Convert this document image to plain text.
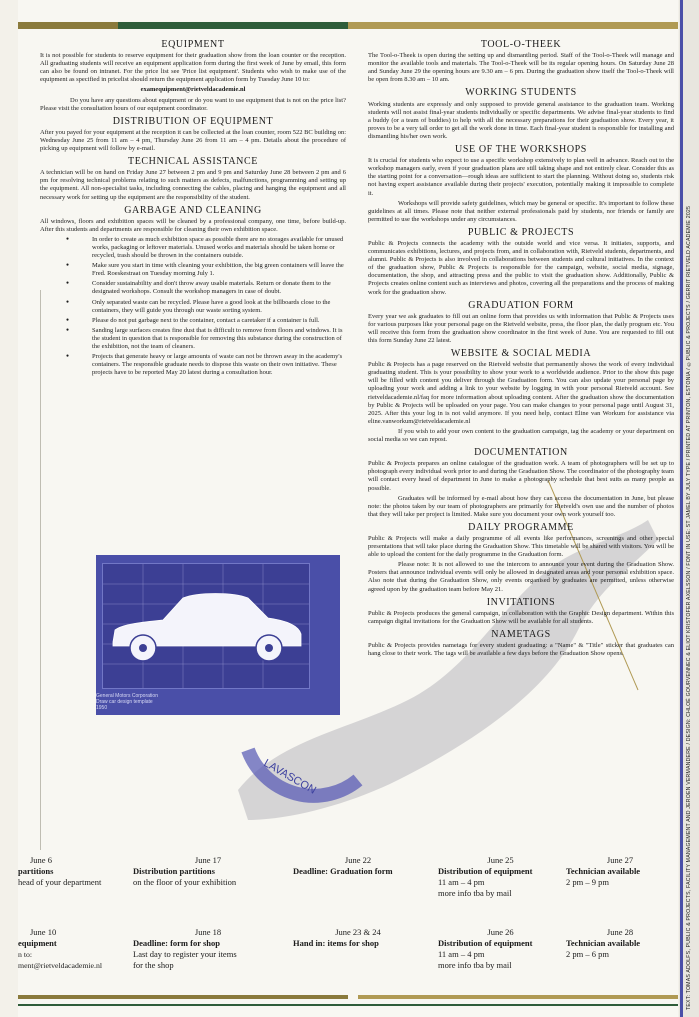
TEXT: TOMAS ADOLFS, PUBLIC & PROJECTS, FACILITY MANAGEMENT AND JEROEN VERMANDERE / DESIGN: CHLOÉ GOURVENNEC & ELIOT KRISTOFER AXELSSON / FONT IN USE: ST JAMEL BY JULY TYPE / PRINTED AT PRINTON, ESTONIA / ©PUBLIC & PROJECTS / GERRIT RIETVELD ACADEMIE 2025
LAVASCON
EQUIPMENT

It is not possible for students to reserve equipment for their graduation show from the loan counter or the reception. All graduating students will receive an equipment application form during the first week of June by email, this form can also be found on intranet. For the price list see 'Price list equipment'. Students who wish to make use of the equipment as specified in pricelist should return the equipment application form by Tuesday June 10 to:

examequipment@rietveldacademie.nl

Do you have any questions about equipment or do you want to use equipment that is not on the price list? Please visit the consultation hours of our equipment coordinator.

DISTRIBUTION OF EQUIPMENT

After you payed for your equipment at the reception it can be collected at the loan counter, room 522 BC building on: Wednesday June 25 from 11 am – 4 pm, Thursday June 26 from 11 am – 4 pm. Details about the procedure of picking up equipment will follow by e-mail.

TECHNICAL ASSISTANCE

A technician will be on hand on Friday June 27 between 2 pm and 9 pm and Saturday June 28 between 2 pm and 6 pm for resolving technical problems relating to such matters as defects, malfunctions, programming and setting up the equipment. All non-specialist tasks, including connecting the cables, placing and hanging the equipment and all necessary work for setting up the equipment are the responsibility of the student.

GARBAGE AND CLEANING

All windows, floors and exhibition spaces will be cleaned by a professional company, one time, before build-up. After this students and departments are responsible for cleaning their own exhibition space.

● In order to create as much exhibition space as possible there are no storages available for unused works, packaging or leftover materials. Unused works and materials should be taken home or recycled, trash should be thrown in the containers outside.
● Make sure you start in time with cleaning your exhibition, the big green containers will leave the Fred. Roeskestraat on Tuesday morning July 1.
● Consider sustainability and don't throw away usable materials. Return or donate them to the designated workshops. Consult the workshop managers in case of doubt.
● Only separated waste can be recycled. Please have a good look at the billboards close to the containers, they will guide you through our waste sorting system.
● Please do not put garbage next to the container, contact a caretaker if a container is full.
● Sanding large surfaces creates fine dust that is difficult to remove from floors and windows. It is the student in question that is responsible for removing this substance during the construction of the exhibition, not the team of cleaners.
● Projects that generate heavy or large amounts of waste can not be thrown away in the academy's containers. The responsible graduate needs to dispose this waste on their own initiative. These projects have to be reported May 20 latest during a consultation hour.
General Motors Corporation
Draw car design template
1950
TOOL-O-THEEK

The Tool-o-Theek is open during the setting up and dismantling period. Staff of the Tool-o-Theek will manage and monitor the available tools and materials. The Tool-o-Theek will be its regular opening hours. On Saturday June 28 and Sunday June 29 the opening hours are 9.30 am – 6 pm. During the graduation show itself the Tool-o-Theek will be open from 8.30 am – 10 am.

WORKING STUDENTS

Working students are expressly and only supposed to provide general assistance to the graduation team. Working students will not assist final-year students individually or specific departments. We advise final-year students to find a buddy (or a team of buddies) to help with all the necessary preparations for their graduation show. Every year, it proves to be a very tall order to get all the work done in time. Each final-year student is responsible for installing and dismantling his/her own work.

USE OF THE WORKSHOPS

It is crucial for students who expect to use a specific workshop extensively to plan well in advance. Reach out to the workshop managers early, even if your graduation plans are still taking shape and not entirely clear. Consider this as the starting point for a conversation—rough ideas are sufficient to start the planning. Without doing so, students risk not having expert assistance available during their projects' execution, potentially making it impossible to complete it.

Workshops will provide safety guidelines, which may be general or specific. It's important to follow these guidelines at all times. Please note that neither external professionals paid by students, nor friends or family are permitted to use the workshops under any circumstances.

PUBLIC & PROJECTS

Public & Projects connects the academy with the outside world and vice versa. It initiates, supports, and communicates exhibitions, lectures, and projects from, and in collaboration with, Rietveld students, departments, and alumni. Public & Projects is also involved in collaborations between students and cultural initiatives. In the context of the graduation show, Public & Projects is responsible for the campaign, website, social media, signage, documentation, the shop, and attracting press and the public to visit the graduation show. Additionally, Public & Projects creates online content such as interviews and photos, covering all the preparations and the process of making work for the graduation show.

GRADUATION FORM

Every year we ask graduates to fill out an online form that provides us with information that Public & Projects uses for various purposes like your personal page on the Rietveld website, press, the floor plan, the daily program etc. You will receive this form from the graduation show coordinator in the first week of June. You are requested to fill out this form Sunday June 22 latest.

WEBSITE & SOCIAL MEDIA

Public & Projects has a page reserved on the Rietveld website that permanently shows the work of every individual graduating student. This is your possibility to show your work to a worldwide audience. Prior to the show this page will be filled with content you deliver through the Graduation form. You can also update your personal page by uploading your work and adding a link to your website by logging in with your personal Rietveld account. See rietveldacademie.nl/faq for more information about uploading content. After the graduation show the documentation by Public & Projects will be uploaded on your page. You can make changes to your personal page until August 31, 2025. After this your log in is not valid anymore. If you need help, contact Eline van Workum for assistance via eline.vanworkum@rietveldacademie.nl

If you wish to add your own content to the graduation campaign, tag the academy or your department on social media so we can repost.

DOCUMENTATION

Public & Projects prepares an online catalogue of the graduation work. A team of photographers will be set up to photograph every individual work prior to and during the Graduation Show. The coordinator of the photography team will contact every head of department in June to make a photography schedule that best suits as many people as possible.

Graduates will be informed by e-mail about how they can access the documentation in June, but please note: the photos taken by our team of photographers are primarily for Rietveld's own use and the number of photos that they will take per project is limited. Make sure you document your own work yourself too.

DAILY PROGRAMME

Public & Projects will make a daily programme of all events like performances, screenings and other special presentations that will take place during the Graduation Show. This timetable will be shared with visitors. You will be able to upload the content for the daily programme in the Graduation form.

Please note: It is not allowed to use the intercom to announce your event during the Graduation Show. Posters that announce individual events will only be allowed in designated areas and your personal exhibition space. Also note that during the Graduation Show, only events organised by graduates are permitted, unless otherwise agreed upon by the graduation team before May 21.

INVITATIONS

Public & Projects produces the general campaign, in collaboration with the Graphic Design department. Within this campaign digital invitations for the Graduation Show will be available for all students.

NAMETAGS

Public & Projects provides nametags for every student graduating: a "Name" & "Title" sticker that graduates can hang close to their work. The tags will be available a few days before the Graduation Show opens.

June 6
partitions
head of your department
June 17
Distribution partitions
on the floor of your exhibition
June 22
Deadline: Graduation form
June 25
Distribution of equipment
11 am – 4 pm
more info tba by mail
June 27
Technician available
2 pm – 9 pm
June 10
equipment
n to:
ment@rietveldacademie.nl
June 18
Deadline: form for shop
Last day to register your items
for the shop
June 23 & 24
Hand in: items for shop
June 26
Distribution of equipment
11 am – 4 pm
more info tba by mail
June 28
Technician available
2 pm – 6 pm
